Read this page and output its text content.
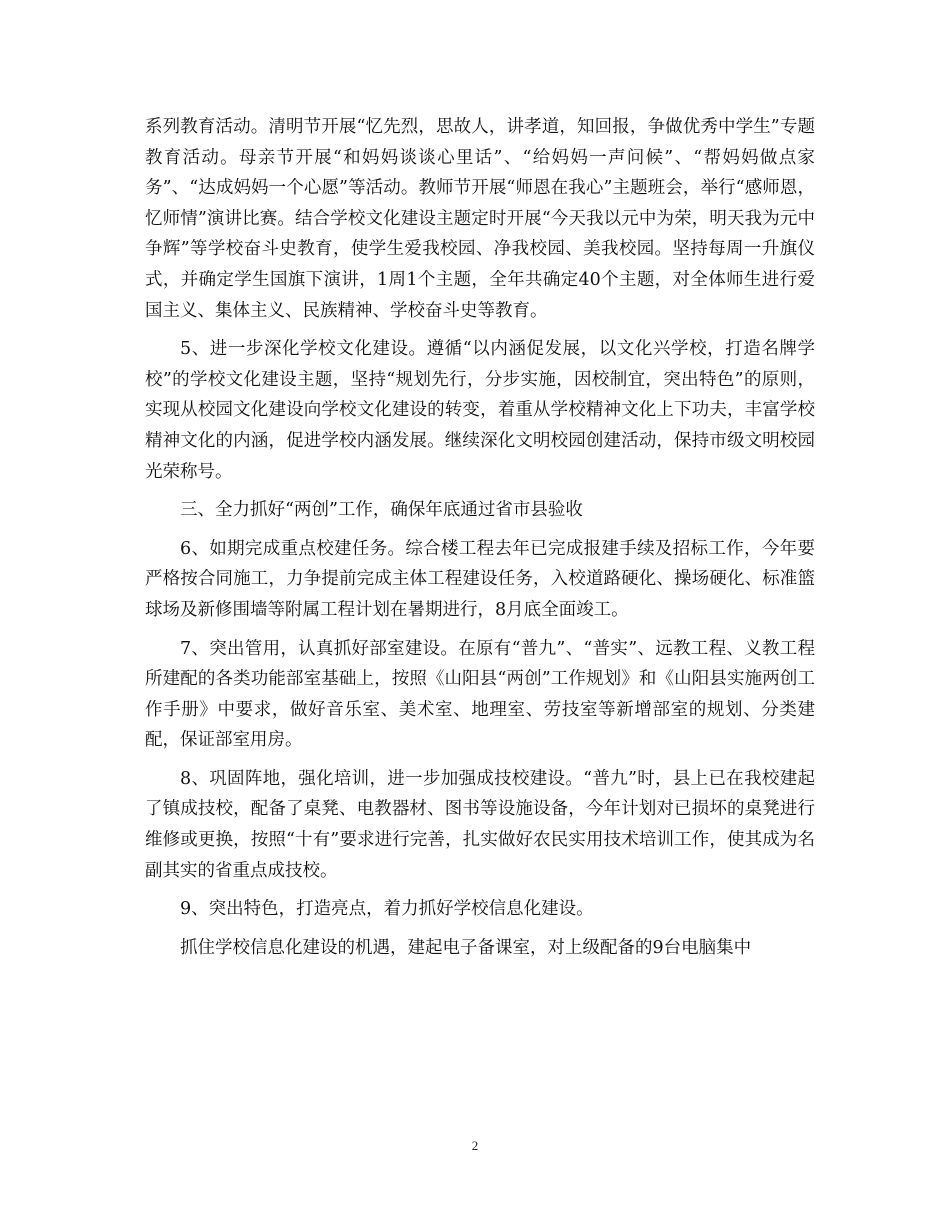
系列教育活动。清明节开展“忆先烈，思故人，讲孝道，知回报，争做优秀中学生”专题教育活动。母亲节开展“和妈妈谈谈心里话”、“给妈妈一声问候”、“帮妈妈做点家务”、“达成妈妈一个心愿”等活动。教师节开展“师恩在我心”主题班会，举行“感师恩，忆师情”演讲比赛。结合学校文化建设主题定时开展“今天我以元中为荣，明天我为元中争辉”等学校奋斗史教育，使学生爱我校园、净我校园、美我校园。坚持每周一升旗仪式，并确定学生国旗下演讲，1周1个主题，全年共确定40个主题，对全体师生进行爱国主义、集体主义、民族精神、学校奋斗史等教育。

5、进一步深化学校文化建设。遵循“以内涵促发展，以文化兴学校，打造名牌学校”的学校文化建设主题，坚持“规划先行，分步实施，因校制宜，突出特色”的原则，实现从校园文化建设向学校文化建设的转变，着重从学校精神文化上下功夫，丰富学校精神文化的内涵，促进学校内涵发展。继续深化文明校园创建活动，保持市级文明校园光荣称号。

三、全力抓好“两创”工作，确保年底通过省市县验收

6、如期完成重点校建任务。综合楼工程去年已完成报建手续及招标工作，今年要严格按合同施工，力争提前完成主体工程建设任务，入校道路硬化、操场硬化、标准篮球场及新修围墙等附属工程计划在暑期进行，8月底全面竣工。

7、突出管用，认真抓好部室建设。在原有“普九”、“普实”、远教工程、义教工程所建配的各类功能部室基础上，按照《山阳县“两创”工作规划》和《山阳县实施两创工作手册》中要求，做好音乐室、美术室、地理室、劳技室等新增部室的规划、分类建配，保证部室用房。

8、巩固阵地，强化培训，进一步加强成技校建设。“普九”时，县上已在我校建起了镇成技校，配备了桌凳、电教器材、图书等设施设备，今年计划对已损坏的桌凳进行维修或更换，按照“十有”要求进行完善，扎实做好农民实用技术培训工作，使其成为名副其实的省重点成技校。

9、突出特色，打造亮点，着力抓好学校信息化建设。

抓住学校信息化建设的机遇，建起电子备课室，对上级配备的9台电脑集中

2
